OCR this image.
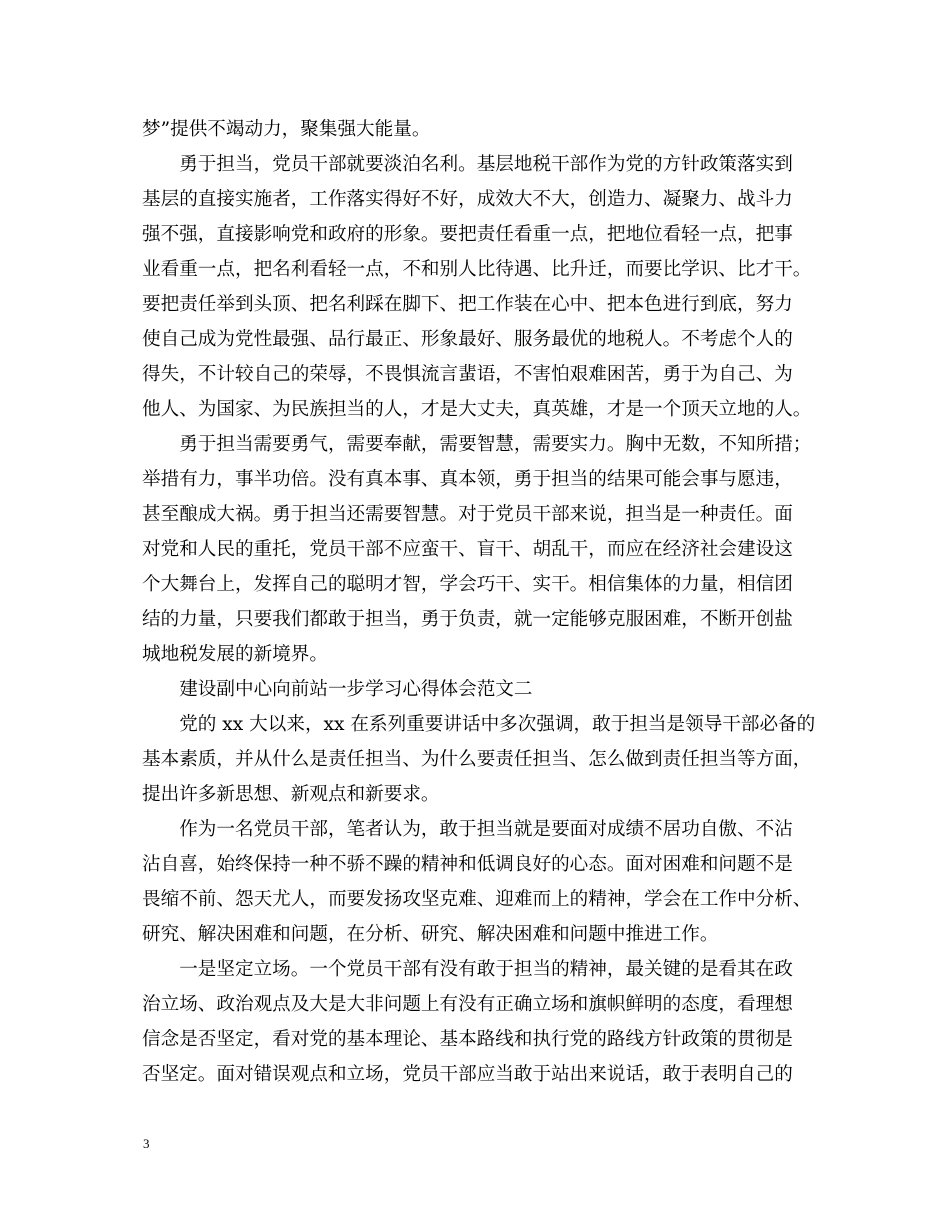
梦”提供不竭动力，聚集强大能量。
　　勇于担当，党员干部就要淡泊名利。基层地税干部作为党的方针政策落实到
基层的直接实施者，工作落实得好不好，成效大不大，创造力、凝聚力、战斗力
强不强，直接影响党和政府的形象。要把责任看重一点，把地位看轻一点，把事
业看重一点，把名利看轻一点，不和别人比待遇、比升迁，而要比学识、比才干。
要把责任举到头顶、把名利踩在脚下、把工作装在心中、把本色进行到底，努力
使自己成为党性最强、品行最正、形象最好、服务最优的地税人。不考虑个人的
得失，不计较自己的荣辱，不畏惧流言蜚语，不害怕艰难困苦，勇于为自己、为
他人、为国家、为民族担当的人，才是大丈夫，真英雄，才是一个顶天立地的人。
　　勇于担当需要勇气，需要奉献，需要智慧，需要实力。胸中无数，不知所措；
举措有力，事半功倍。没有真本事、真本领，勇于担当的结果可能会事与愿违，
甚至酿成大祸。勇于担当还需要智慧。对于党员干部来说，担当是一种责任。面
对党和人民的重托，党员干部不应蛮干、盲干、胡乱干，而应在经济社会建设这
个大舞台上，发挥自己的聪明才智，学会巧干、实干。相信集体的力量，相信团
结的力量，只要我们都敢于担当，勇于负责，就一定能够克服困难，不断开创盐
城地税发展的新境界。
　　建设副中心向前站一步学习心得体会范文二
　　党的 xx 大以来，xx 在系列重要讲话中多次强调，敢于担当是领导干部必备的
基本素质，并从什么是责任担当、为什么要责任担当、怎么做到责任担当等方面，
提出许多新思想、新观点和新要求。
　　作为一名党员干部，笔者认为，敢于担当就是要面对成绩不居功自傲、不沾
沾自喜，始终保持一种不骄不躁的精神和低调良好的心态。面对困难和问题不是
畏缩不前、怨天尤人，而要发扬攻坚克难、迎难而上的精神，学会在工作中分析、
研究、解决困难和问题，在分析、研究、解决困难和问题中推进工作。
　　一是坚定立场。一个党员干部有没有敢于担当的精神，最关键的是看其在政
治立场、政治观点及大是大非问题上有没有正确立场和旗帜鲜明的态度，看理想
信念是否坚定，看对党的基本理论、基本路线和执行党的路线方针政策的贯彻是
否坚定。面对错误观点和立场，党员干部应当敢于站出来说话，敢于表明自己的
3
